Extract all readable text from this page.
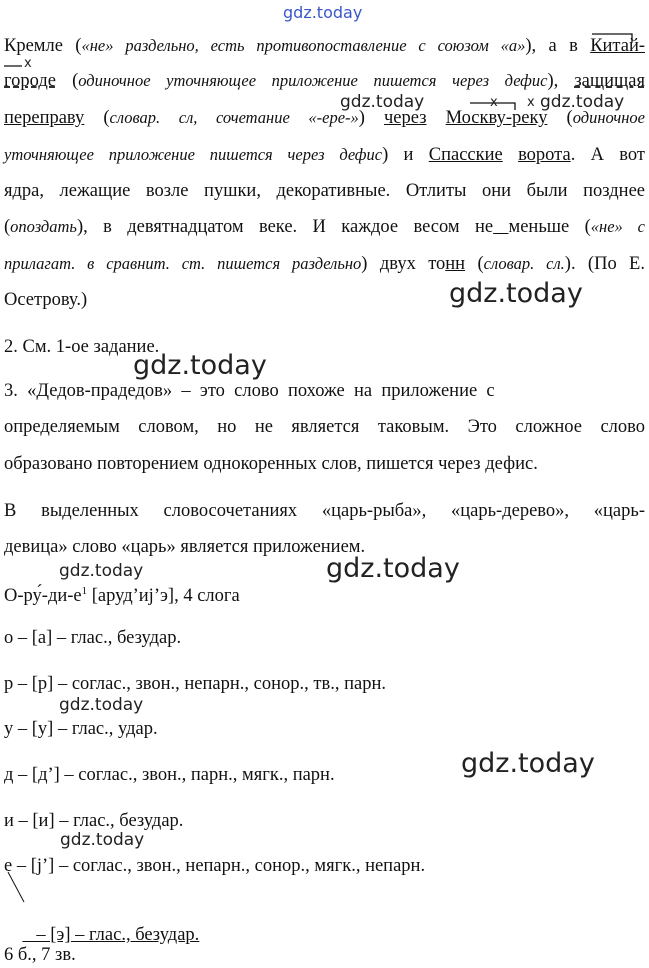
gdz.today
Кремле («не» раздельно, есть противопоставление с союзом «а»), а в Китай-
городе (одиночное уточняющее приложение пишется через дефис), защищая
переправу (словар. сл, сочетание «-ере-») через Москву-реку (одиночное
уточняющее приложение пишется через дефис) и Спасские ворота. А вот
ядра, лежащие возле пушки, декоративные. Отлиты они были позднее
(опоздать), в девятнадцатом веке. И каждое весом не меньше («не» с
прилагат. в сравнит. ст. пишется раздельно) двух тонн (словар. сл.). (По Е.
Осетрову.)
2. См. 1-ое задание.
3.  «Дедов-прадедов»  –  это  слово  похоже  на  приложение  с
определяемым словом, но не является таковым. Это сложное слово
образовано повторением однокоренных слов, пишется через дефис.
В выделенных словосочетаниях «царь-рыба», «царь-дерево», «царь-
девица» слово «царь» является приложением.
$О-ру́-ди-е^1$ [аруд’иj’э], 4 слога
о – [а] – глас., безудар.
р – [р] – соглас., звон., непарн., сонор., тв., парн.
у – [у] – глас., удар.
д – [д’] – соглас., звон., парн., мягк., парн.
и – [и] – глас., безудар.
е – [j’] – соглас., звон., непарн., сонор., мягк., непарн.

– [э] – глас., безудар.

6 б., 7 зв.
x
x
x
gdz.today	gdz.today
gdz.today
gdz.today
gdz.today
gdz.today
gdz.today
gdz.today
gdz.today
